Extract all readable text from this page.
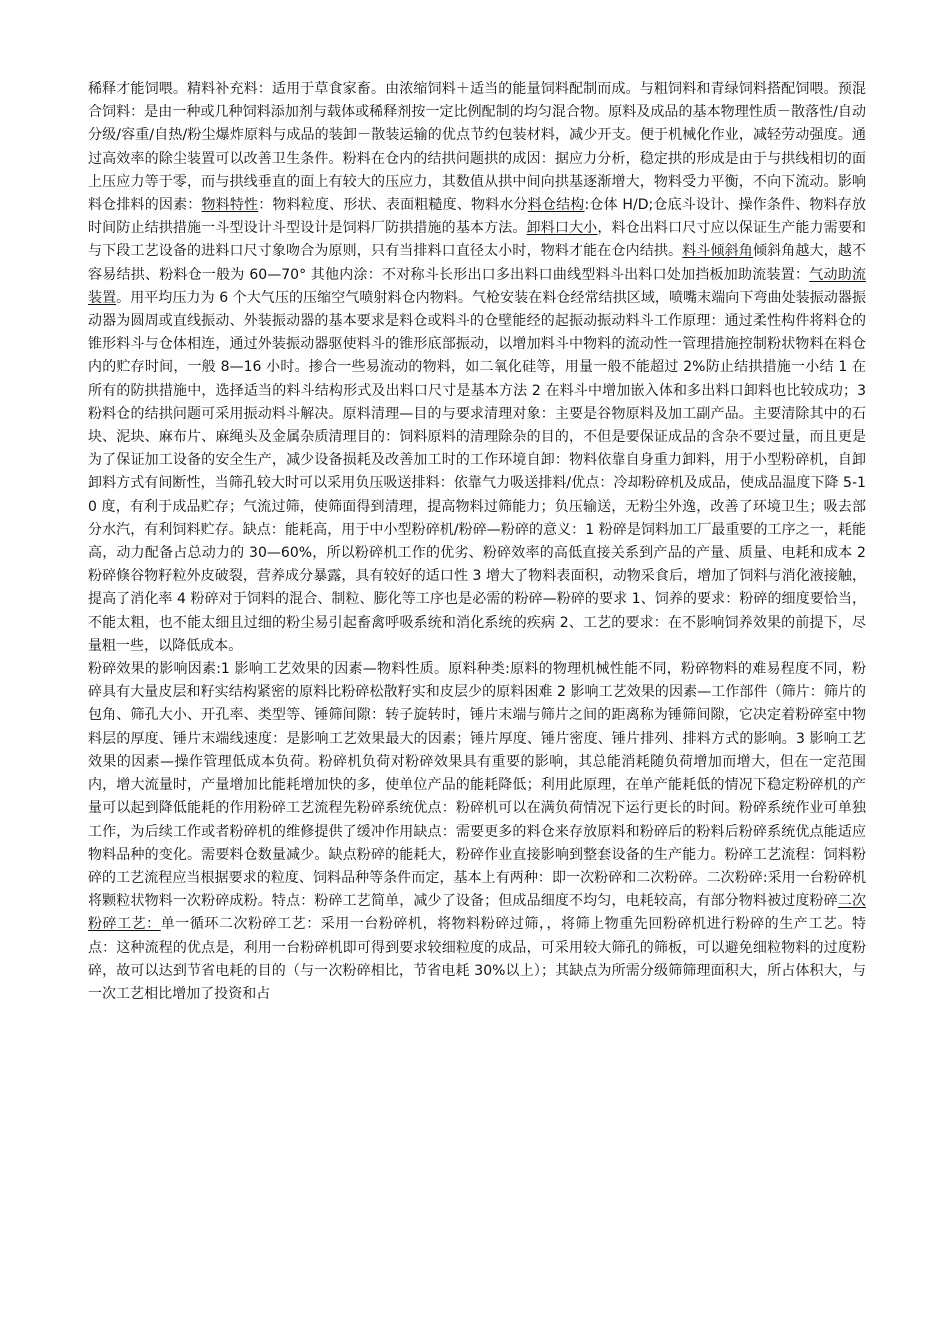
稀释才能饲喂。精料补充料：适用于草食家畜。由浓缩饲料＋适当的能量饲料配制而成。与粗饲料和青绿饲料搭配饲喂。预混合饲料：是由一种或几种饲料添加剂与载体或稀释剂按一定比例配制的均匀混合物。原料及成品的基本物理性质－散落性/自动分级/容重/自热/粉尘爆炸原料与成品的装卸－散装运输的优点节约包装材料，减少开支。便于机械化作业，减轻劳动强度。通过高效率的除尘装置可以改善卫生条件。粉料在仓内的结拱问题拱的成因：据应力分析，稳定拱的形成是由于与拱线相切的面上压应力等于零，而与拱线垂直的面上有较大的压应力，其数值从拱中间向拱基逐渐增大，物料受力平衡，不向下流动。影响料仓排料的因素：物料特性：物料粒度、形状、表面粗糙度、物料水分料仓结构:仓体 H/D;仓底斗设计、操作条件、物料存放时间防止结拱措施一斗型设计斗型设计是饲料厂防拱措施的基本方法。卸料口大小，料仓出料口尺寸应以保证生产能力需要和与下段工艺设备的进料口尺寸象吻合为原则，只有当排料口直径太小时，物料才能在仓内结拱。料斗倾斜角倾斜角越大，越不容易结拱、粉料仓一般为 60—70° 其他内涂：不对称斗长形出口多出料口曲线型料斗出料口处加挡板加助流装置：气动助流装置。用平均压力为 6 个大气压的压缩空气喷射料仓内物料。气枪安装在料仓经常结拱区域，喷嘴末端向下弯曲处装振动器振动器为圆周或直线振动、外装振动器的基本要求是料仓或料斗的仓壁能经的起振动振动料斗工作原理：通过柔性构件将料仓的锥形料斗与仓体相连，通过外装振动器驱使料斗的锥形底部振动，以增加料斗中物料的流动性一管理措施控制粉状物料在料仓内的贮存时间，一般 8—16 小时。掺合一些易流动的物料，如二氧化硅等，用量一般不能超过 2%防止结拱措施一小结 1 在所有的防拱措施中，选择适当的料斗结构形式及出料口尺寸是基本方法 2 在料斗中增加嵌入体和多出料口卸料也比较成功；3 粉料仓的结拱问题可采用振动料斗解决。原料清理—目的与要求清理对象：主要是谷物原料及加工副产品。主要清除其中的石块、泥块、麻布片、麻绳头及金属杂质清理目的：饲料原料的清理除杂的目的，不但是要保证成品的含杂不要过量，而且更是为了保证加工设备的安全生产，减少设备损耗及改善加工时的工作环境自卸：物料依靠自身重力卸料，用于小型粉碎机，自卸卸料方式有间断性，当筛孔较大时可以采用负压吸送排料：依靠气力吸送排料/优点：冷却粉碎机及成品，使成品温度下降 5-10 度，有利于成品贮存；气流过筛，使筛面得到清理，提高物料过筛能力；负压输送，无粉尘外逸，改善了环境卫生；吸去部分水汽，有利饲料贮存。缺点：能耗高，用于中小型粉碎机/粉碎—粉碎的意义：1 粉碎是饲料加工厂最重要的工序之一，耗能高，动力配备占总动力的 30—60%，所以粉碎机工作的优劣、粉碎效率的高低直接关系到产品的产量、质量、电耗和成本 2 粉碎倏谷物籽粒外皮破裂，营养成分暴露，具有较好的适口性 3 增大了物料表面积，动物采食后，增加了饲料与消化液接触，提高了消化率 4 粉碎对于饲料的混合、制粒、膨化等工序也是必需的粉碎—粉碎的要求 1、饲养的要求：粉碎的细度要恰当，不能太粗，也不能太细且过细的粉尘易引起畜禽呼吸系统和消化系统的疾病 2、工艺的要求：在不影响饲养效果的前提下，尽量粗一些，以降低成本。

粉碎效果的影响因素:1 影响工艺效果的因素—物料性质。原料种类:原料的物理机械性能不同，粉碎物料的难易程度不同，粉碎具有大量皮层和籽实结构紧密的原料比粉碎松散籽实和皮层少的原料困难 2 影响工艺效果的因素—工作部件（筛片：筛片的包角、筛孔大小、开孔率、类型等、锤筛间隙：转子旋转时，锤片末端与筛片之间的距离称为锤筛间隙，它决定着粉碎室中物料层的厚度、锤片末端线速度：是影响工艺效果最大的因素；锤片厚度、锤片密度、锤片排列、排料方式的影响。3 影响工艺效果的因素—操作管理低成本负荷。粉碎机负荷对粉碎效果具有重要的影响，其总能消耗随负荷增加而增大，但在一定范围内，增大流量时，产量增加比能耗增加快的多，使单位产品的能耗降低；利用此原理，在单产能耗低的情况下稳定粉碎机的产量可以起到降低能耗的作用粉碎工艺流程先粉碎系统优点：粉碎机可以在满负荷情况下运行更长的时间。粉碎系统作业可单独工作，为后续工作或者粉碎机的维修提供了缓冲作用缺点：需要更多的料仓来存放原料和粉碎后的粉料后粉碎系统优点能适应物料品种的变化。需要料仓数量减少。缺点粉碎的能耗大，粉碎作业直接影响到整套设备的生产能力。粉碎工艺流程：饲料粉碎的工艺流程应当根据要求的粒度、饲料品种等条件而定，基本上有两种：即一次粉碎和二次粉碎。二次粉碎:采用一台粉碎机将颗粒状物料一次粉碎成粉。特点：粉碎工艺简单，减少了设备；但成品细度不均匀，电耗较高，有部分物料被过度粉碎二次粉碎工艺：单一循环二次粉碎工艺：采用一台粉碎机，将物料粉碎过筛，，将筛上物重先回粉碎机进行粉碎的生产工艺。特点：这种流程的优点是，利用一台粉碎机即可得到要求较细粒度的成品，可采用较大筛孔的筛板，可以避免细粒物料的过度粉碎，故可以达到节省电耗的目的（与一次粉碎相比，节省电耗 30%以上）；其缺点为所需分级筛筛理面积大，所占体积大，与一次工艺相比增加了投资和占
